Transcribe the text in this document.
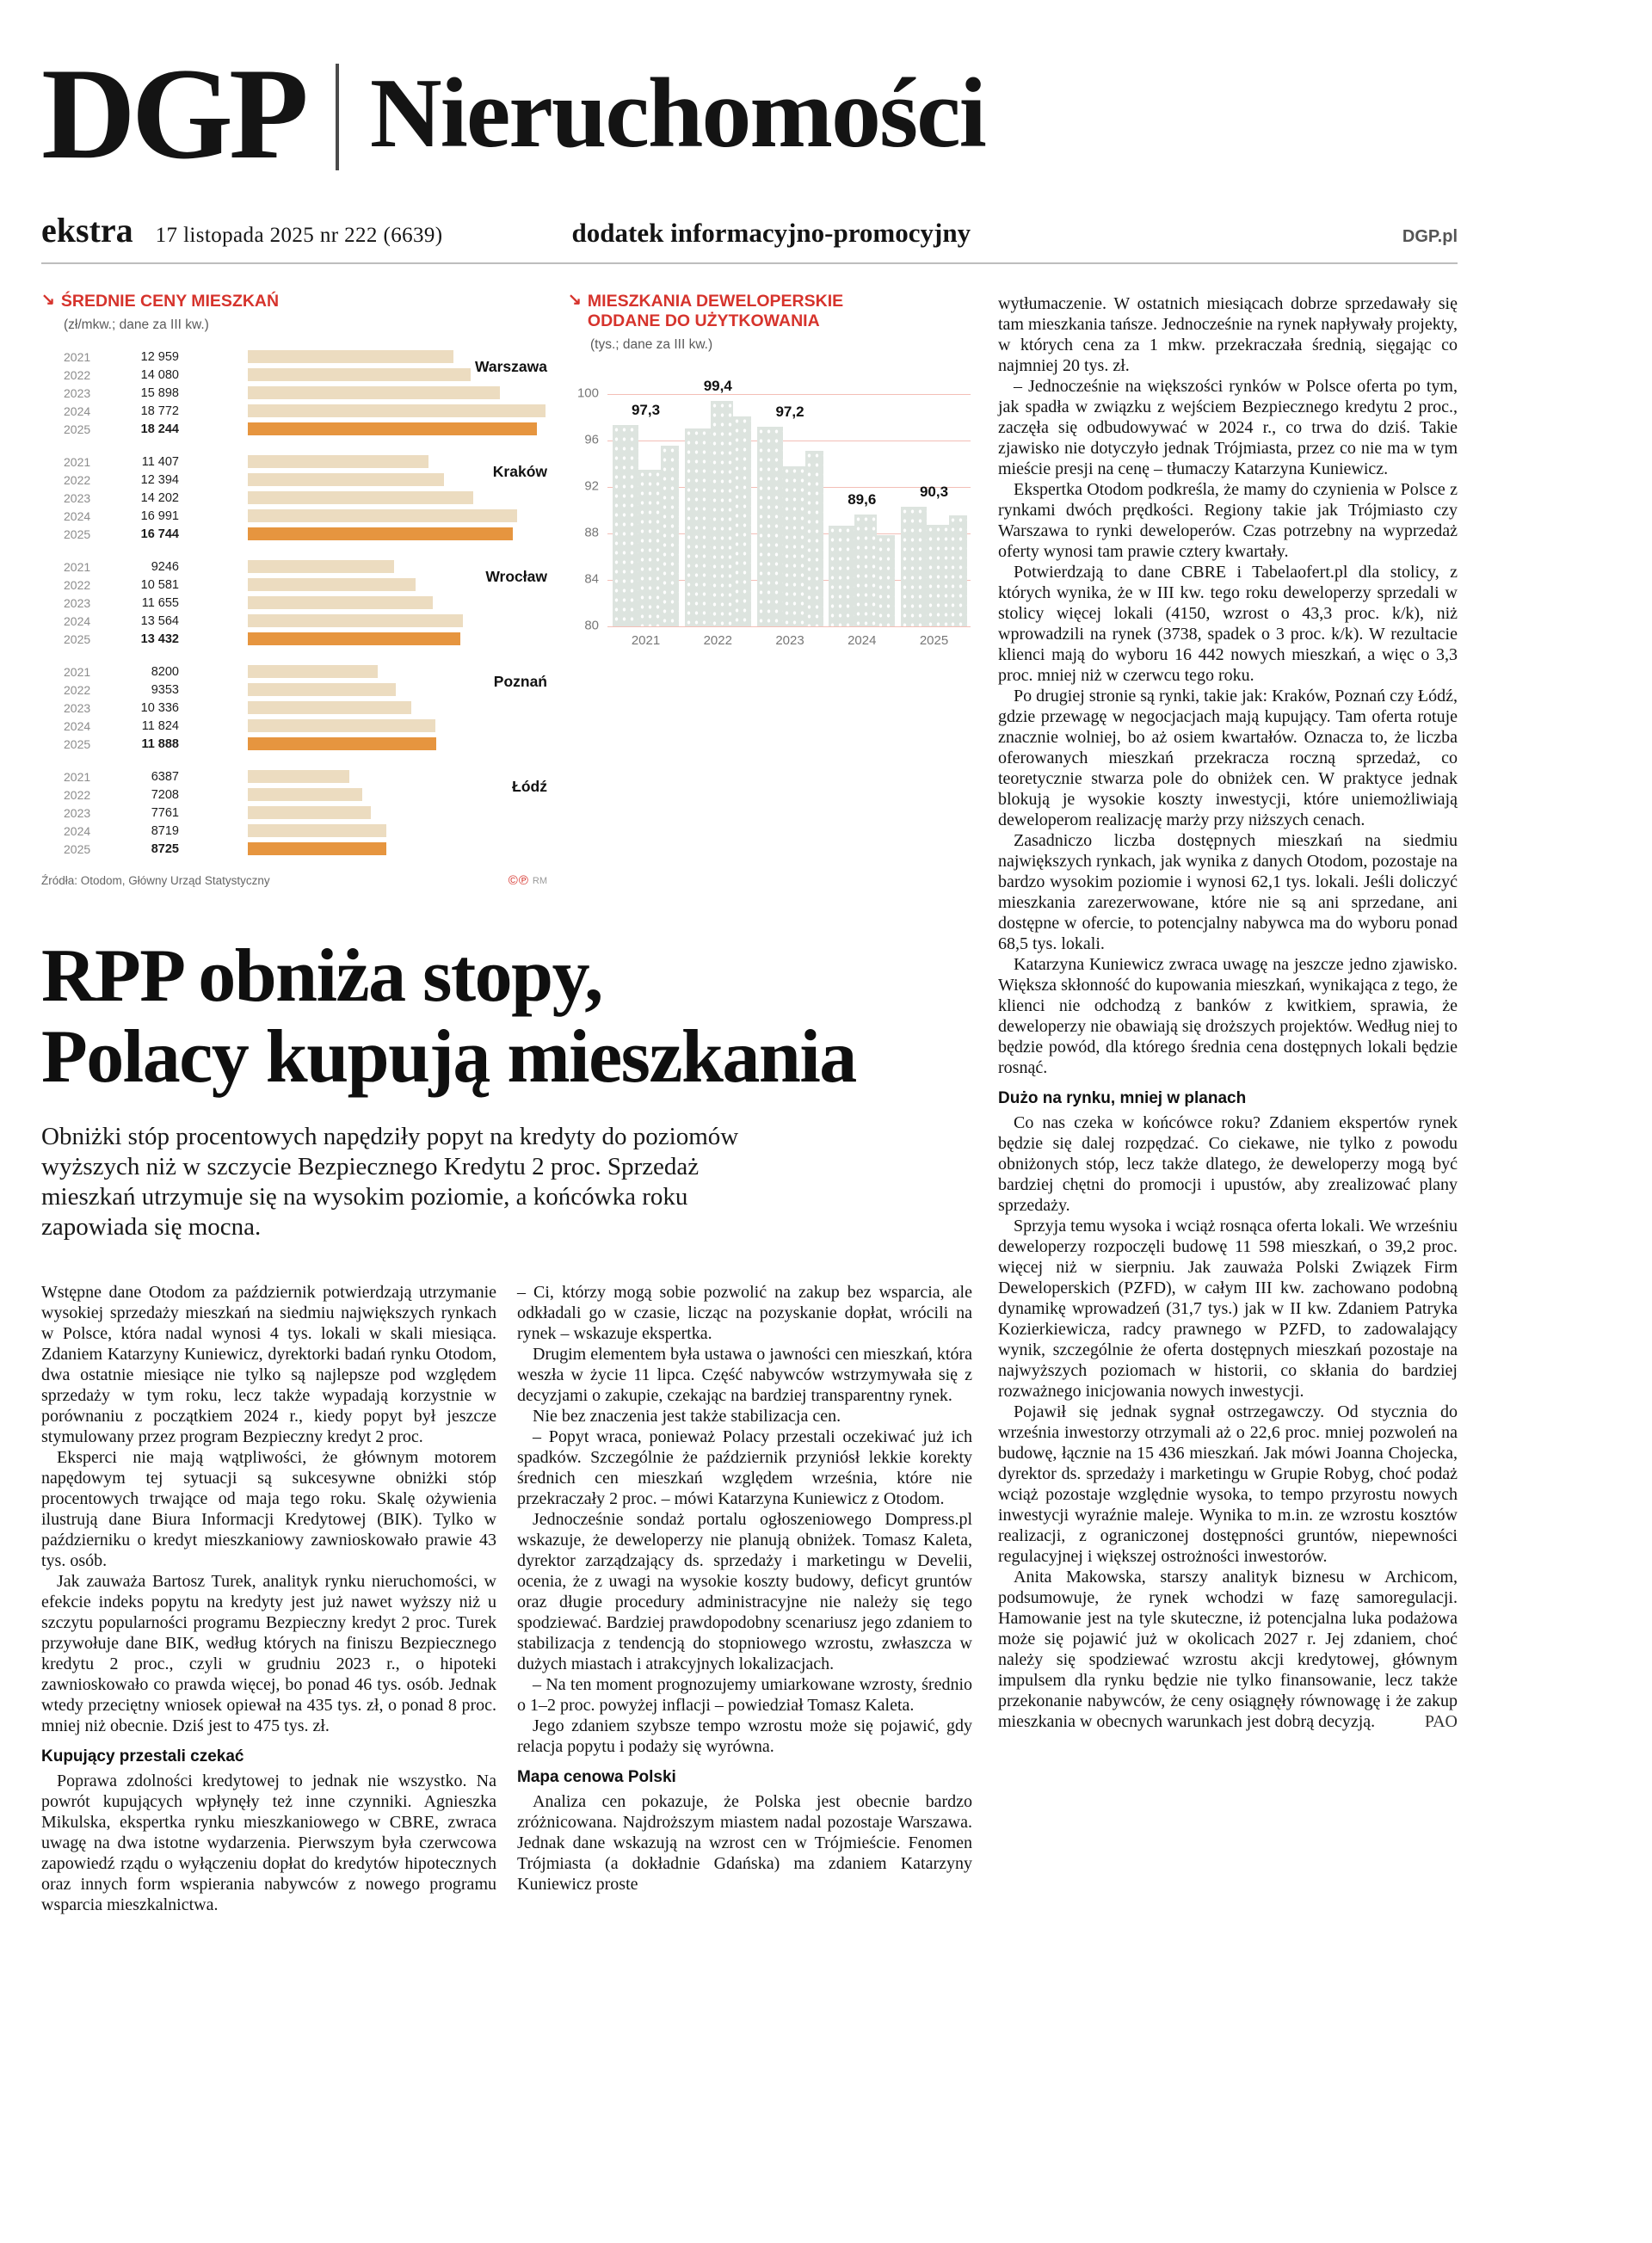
DGP Nieruchomości
ekstra 17 listopada 2025 nr 222 (6639)	dodatek informacyjno-promocyjny	DGP.pl
↘ ŚREDNIE CENY MIESZKAŃ
(zł/mkw.; dane za III kw.)
Warszawa
2021	12 959
2022	14 080
2023	15 898
2024	18 772
2025	18 244
Kraków
2021	11 407
2022	12 394
2023	14 202
2024	16 991
2025	16 744
Wrocław
2021	9246
2022	10 581
2023	11 655
2024	13 564
2025	13 432
Poznań
2021	8200
2022	9353
2023	10 336
2024	11 824
2025	11 888
Łódź
2021	6387
2022	7208
2023	7761
2024	8719
2025	8725
Źródła: Otodom, Główny Urząd Statystyczny	©℗ RM
↘ MIESZKANIA DEWELOPERSKIE
ODDANE DO UŻYTKOWANIA
(tys.; dane za III kw.)
100
96
92
88
84
80
97,3
99,4
97,2
89,6	90,3
2021	2022	2023	2024	2025
RPP obniża stopy,
Polacy kupują mieszkania

Obniżki stóp procentowych napędziły popyt na kredyty do poziomów wyższych niż w szczycie Bezpiecznego Kredytu 2 proc. Sprzedaż mieszkań utrzymuje się na wysokim poziomie, a końcówka roku zapowiada się mocna.

Wstępne dane Otodom za październik potwierdzają utrzymanie wysokiej sprzedaży mieszkań na siedmiu największych rynkach w Polsce, która nadal wynosi 4 tys. lokali w skali miesiąca. Zdaniem Katarzyny Kuniewicz, dyrektorki badań rynku Otodom, dwa ostatnie miesiące nie tylko są najlepsze pod względem sprzedaży w tym roku, lecz także wypadają korzystnie w porównaniu z początkiem 2024 r., kiedy popyt był jeszcze stymulowany przez program Bezpieczny kredyt 2 proc.

Eksperci nie mają wątpliwości, że głównym motorem napędowym tej sytuacji są sukcesywne obniżki stóp procentowych trwające od maja tego roku. Skalę ożywienia ilustrują dane Biura Informacji Kredytowej (BIK). Tylko w październiku o kredyt mieszkaniowy zawnioskowało prawie 43 tys. osób.

Jak zauważa Bartosz Turek, analityk rynku nieruchomości, w efekcie indeks popytu na kredyty jest już nawet wyższy niż u szczytu popularności programu Bezpieczny kredyt 2 proc. Turek przywołuje dane BIK, według których na finiszu Bezpiecznego kredytu 2 proc., czyli w grudniu 2023 r., o hipoteki zawnioskowało co prawda więcej, bo ponad 46 tys. osób. Jednak wtedy przeciętny wniosek opiewał na 435 tys. zł, o ponad 8 proc. mniej niż obecnie. Dziś jest to 475 tys. zł.

Kupujący przestali czekać

Poprawa zdolności kredytowej to jednak nie wszystko. Na powrót kupujących wpłynęły też inne czynniki. Agnieszka Mikulska, ekspertka rynku mieszkaniowego w CBRE, zwraca uwagę na dwa istotne wydarzenia. Pierwszym była czerwcowa zapowiedź rządu o wyłączeniu dopłat do kredytów hipotecznych oraz innych form wspierania nabywców z nowego programu wsparcia mieszkalnictwa.

– Ci, którzy mogą sobie pozwolić na zakup bez wsparcia, ale odkładali go w czasie, licząc na pozyskanie dopłat, wrócili na rynek – wskazuje ekspertka.

Drugim elementem była ustawa o jawności cen mieszkań, która weszła w życie 11 lipca. Część nabywców wstrzymywała się z decyzjami o zakupie, czekając na bardziej transparentny rynek.

Nie bez znaczenia jest także stabilizacja cen.

– Popyt wraca, ponieważ Polacy przestali oczekiwać już ich spadków. Szczególnie że październik przyniósł lekkie korekty średnich cen mieszkań względem września, które nie przekraczały 2 proc. – mówi Katarzyna Kuniewicz z Otodom.

Jednocześnie sondaż portalu ogłoszeniowego Dompress.pl wskazuje, że deweloperzy nie planują obniżek. Tomasz Kaleta, dyrektor zarządzający ds. sprzedaży i marketingu w Develii, ocenia, że z uwagi na wysokie koszty budowy, deficyt gruntów oraz długie procedury administracyjne nie należy się tego spodziewać. Bardziej prawdopodobny scenariusz jego zdaniem to stabilizacja z tendencją do stopniowego wzrostu, zwłaszcza w dużych miastach i atrakcyjnych lokalizacjach.

– Na ten moment prognozujemy umiarkowane wzrosty, średnio o 1–2 proc. powyżej inflacji – powiedział Tomasz Kaleta.

Jego zdaniem szybsze tempo wzrostu może się pojawić, gdy relacja popytu i podaży się wyrówna.

Mapa cenowa Polski

Analiza cen pokazuje, że Polska jest obecnie bardzo zróżnicowana. Najdroższym miastem nadal pozostaje Warszawa. Jednak dane wskazują na wzrost cen w Trójmieście. Fenomen Trójmiasta (a dokładnie Gdańska) ma zdaniem Katarzyny Kuniewicz proste

wytłumaczenie. W ostatnich miesiącach dobrze sprzedawały się tam mieszkania tańsze. Jednocześnie na rynek napływały projekty, w których cena za 1 mkw. przekraczała średnią, sięgając co najmniej 20 tys. zł.

– Jednocześnie na większości rynków w Polsce oferta po tym, jak spadła w związku z wejściem Bezpiecznego kredytu 2 proc., zaczęła się odbudowywać w 2024 r., co trwa do dziś. Takie zjawisko nie dotyczyło jednak Trójmiasta, przez co nie ma w tym mieście presji na cenę – tłumaczy Katarzyna Kuniewicz.

Ekspertka Otodom podkreśla, że mamy do czynienia w Polsce z rynkami dwóch prędkości. Regiony takie jak Trójmiasto czy Warszawa to rynki deweloperów. Czas potrzebny na wyprzedaż oferty wynosi tam prawie cztery kwartały.

Potwierdzają to dane CBRE i Tabelaofert.pl dla stolicy, z których wynika, że w III kw. tego roku deweloperzy sprzedali w stolicy więcej lokali (4150, wzrost o 43,3 proc. k/k), niż wprowadzili na rynek (3738, spadek o 3 proc. k/k). W rezultacie klienci mają do wyboru 16 442 nowych mieszkań, a więc o 3,3 proc. mniej niż w czerwcu tego roku.

Po drugiej stronie są rynki, takie jak: Kraków, Poznań czy Łódź, gdzie przewagę w negocjacjach mają kupujący. Tam oferta rotuje znacznie wolniej, bo aż osiem kwartałów. Oznacza to, że liczba oferowanych mieszkań przekracza roczną sprzedaż, co teoretycznie stwarza pole do obniżek cen. W praktyce jednak blokują je wysokie koszty inwestycji, które uniemożliwiają deweloperom realizację marży przy niższych cenach.

Zasadniczo liczba dostępnych mieszkań na siedmiu największych rynkach, jak wynika z danych Otodom, pozostaje na bardzo wysokim poziomie i wynosi 62,1 tys. lokali. Jeśli doliczyć mieszkania zarezerwowane, które nie są ani sprzedane, ani dostępne w ofercie, to potencjalny nabywca ma do wyboru ponad 68,5 tys. lokali.

Katarzyna Kuniewicz zwraca uwagę na jeszcze jedno zjawisko. Większa skłonność do kupowania mieszkań, wynikająca z tego, że klienci nie odchodzą z banków z kwitkiem, sprawia, że deweloperzy nie obawiają się droższych projektów. Według niej to będzie powód, dla którego średnia cena dostępnych lokali będzie rosnąć.

Dużo na rynku, mniej w planach

Co nas czeka w końcówce roku? Zdaniem ekspertów rynek będzie się dalej rozpędzać. Co ciekawe, nie tylko z powodu obniżonych stóp, lecz także dlatego, że deweloperzy mogą być bardziej chętni do promocji i upustów, aby zrealizować plany sprzedaży.

Sprzyja temu wysoka i wciąż rosnąca oferta lokali. We wrześniu deweloperzy rozpoczęli budowę 11 598 mieszkań, o 39,2 proc. więcej niż w sierpniu. Jak zauważa Polski Związek Firm Deweloperskich (PZFD), w całym III kw. zachowano podobną dynamikę wprowadzeń (31,7 tys.) jak w II kw. Zdaniem Patryka Kozierkiewicza, radcy prawnego w PZFD, to zadowalający wynik, szczególnie że oferta dostępnych mieszkań pozostaje na najwyższych poziomach w historii, co skłania do bardziej rozważnego inicjowania nowych inwestycji.

Pojawił się jednak sygnał ostrzegawczy. Od stycznia do września inwestorzy otrzymali aż o 22,6 proc. mniej pozwoleń na budowę, łącznie na 15 436 mieszkań. Jak mówi Joanna Chojecka, dyrektor ds. sprzedaży i marketingu w Grupie Robyg, choć podaż wciąż pozostaje względnie wysoka, to tempo przyrostu nowych inwestycji wyraźnie maleje. Wynika to m.in. ze wzrostu kosztów realizacji, z ograniczonej dostępności gruntów, niepewności regulacyjnej i większej ostrożności inwestorów.

Anita Makowska, starszy analityk biznesu w Archicom, podsumowuje, że rynek wchodzi w fazę samoregulacji. Hamowanie jest na tyle skuteczne, iż potencjalna luka podażowa może się pojawić już w okolicach 2027 r. Jej zdaniem, choć należy się spodziewać wzrostu akcji kredytowej, głównym impulsem dla rynku będzie nie tylko finansowanie, lecz także przekonanie nabywców, że ceny osiągnęły równowagę i że zakup mieszkania w obecnych warunkach jest dobrą decyzją.	PAO
